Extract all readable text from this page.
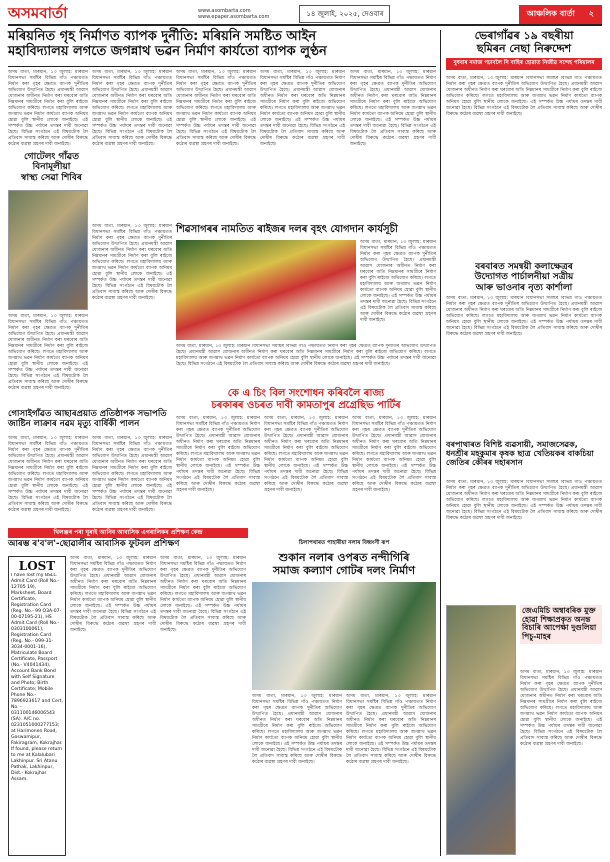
অসমবাৰ্তা	www.asombarta.com
www.epaper.asombarta.com	১৪ জুলাই, ২০২৫, দেওবাৰ	আঞ্চলিক বাৰ্তা ২
মৰিয়নিত গৃহ নিৰ্মাণত ব্যাপক দুৰ্নীতি: মৰিয়নি সমষ্টিত আইন
মহাবিদ্যালয় লগতে জগন্নাথ ভৱন নিৰ্মাণ কাৰ্যতো ব্যাপক লুণ্ঠন
অসম বাৰ্তা, মৰিয়নি, ১৩ জুলাই: মৰিয়নি বিধানসভা সমষ্টিৰ বিভিন্ন গাঁও পঞ্চায়তত নিৰ্মাণ কৰা গৃহৰ ক্ষেত্ৰত ব্যাপক দুৰ্নীতিৰ অভিযোগ উত্থাপিত হৈছে। প্ৰধানমন্ত্ৰী আৱাস যোজনাৰ অধীনত নিৰ্মাণ কৰা ঘৰবোৰ অতি নিম্নমানৰ সামগ্ৰীৰে নিৰ্মাণ কৰা বুলি ৰাইজে অভিযোগ কৰিছে। লগতে মহাবিদ্যালয় আৰু জগন্নাথ ভৱন নিৰ্মাণ কাৰ্যতো ব্যাপক অনিয়ম হোৱা বুলি স্থানীয় লোকে জনাইছে। এই সম্পৰ্কত উচ্চ পৰ্যায়ৰ তদন্তৰ দাবী জনোৱা হৈছে। বিভিন্ন সংগঠনে এই বিষয়টোক লৈ প্ৰতিবাদ সাব্যস্ত কৰিছে আৰু দোষীৰ বিৰুদ্ধে কঠোৰ ব্যৱস্থা গ্ৰহণৰ দাবী জনাইছে।
অসম বাৰ্তা, মৰিয়নি, ১৩ জুলাই: মৰিয়নি বিধানসভা সমষ্টিৰ বিভিন্ন গাঁও পঞ্চায়তত নিৰ্মাণ কৰা গৃহৰ ক্ষেত্ৰত ব্যাপক দুৰ্নীতিৰ অভিযোগ উত্থাপিত হৈছে। প্ৰধানমন্ত্ৰী আৱাস যোজনাৰ অধীনত নিৰ্মাণ কৰা ঘৰবোৰ অতি নিম্নমানৰ সামগ্ৰীৰে নিৰ্মাণ কৰা বুলি ৰাইজে অভিযোগ কৰিছে। লগতে মহাবিদ্যালয় আৰু জগন্নাথ ভৱন নিৰ্মাণ কাৰ্যতো ব্যাপক অনিয়ম হোৱা বুলি স্থানীয় লোকে জনাইছে। এই সম্পৰ্কত উচ্চ পৰ্যায়ৰ তদন্তৰ দাবী জনোৱা হৈছে। বিভিন্ন সংগঠনে এই বিষয়টোক লৈ প্ৰতিবাদ সাব্যস্ত কৰিছে আৰু দোষীৰ বিৰুদ্ধে কঠোৰ ব্যৱস্থা গ্ৰহণৰ দাবী জনাইছে।
অসম বাৰ্তা, মৰিয়নি, ১৩ জুলাই: মৰিয়নি বিধানসভা সমষ্টিৰ বিভিন্ন গাঁও পঞ্চায়তত নিৰ্মাণ কৰা গৃহৰ ক্ষেত্ৰত ব্যাপক দুৰ্নীতিৰ অভিযোগ উত্থাপিত হৈছে। প্ৰধানমন্ত্ৰী আৱাস যোজনাৰ অধীনত নিৰ্মাণ কৰা ঘৰবোৰ অতি নিম্নমানৰ সামগ্ৰীৰে নিৰ্মাণ কৰা বুলি ৰাইজে অভিযোগ কৰিছে। লগতে মহাবিদ্যালয় আৰু জগন্নাথ ভৱন নিৰ্মাণ কাৰ্যতো ব্যাপক অনিয়ম হোৱা বুলি স্থানীয় লোকে জনাইছে। এই সম্পৰ্কত উচ্চ পৰ্যায়ৰ তদন্তৰ দাবী জনোৱা হৈছে। বিভিন্ন সংগঠনে এই বিষয়টোক লৈ প্ৰতিবাদ সাব্যস্ত কৰিছে আৰু দোষীৰ বিৰুদ্ধে কঠোৰ ব্যৱস্থা গ্ৰহণৰ দাবী জনাইছে।
অসম বাৰ্তা, মৰিয়নি, ১৩ জুলাই: মৰিয়নি বিধানসভা সমষ্টিৰ বিভিন্ন গাঁও পঞ্চায়তত নিৰ্মাণ কৰা গৃহৰ ক্ষেত্ৰত ব্যাপক দুৰ্নীতিৰ অভিযোগ উত্থাপিত হৈছে। প্ৰধানমন্ত্ৰী আৱাস যোজনাৰ অধীনত নিৰ্মাণ কৰা ঘৰবোৰ অতি নিম্নমানৰ সামগ্ৰীৰে নিৰ্মাণ কৰা বুলি ৰাইজে অভিযোগ কৰিছে। লগতে মহাবিদ্যালয় আৰু জগন্নাথ ভৱন নিৰ্মাণ কাৰ্যতো ব্যাপক অনিয়ম হোৱা বুলি স্থানীয় লোকে জনাইছে। এই সম্পৰ্কত উচ্চ পৰ্যায়ৰ তদন্তৰ দাবী জনোৱা হৈছে। বিভিন্ন সংগঠনে এই বিষয়টোক লৈ প্ৰতিবাদ সাব্যস্ত কৰিছে আৰু দোষীৰ বিৰুদ্ধে কঠোৰ ব্যৱস্থা গ্ৰহণৰ দাবী জনাইছে।
অসম বাৰ্তা, মৰিয়নি, ১৩ জুলাই: মৰিয়নি বিধানসভা সমষ্টিৰ বিভিন্ন গাঁও পঞ্চায়তত নিৰ্মাণ কৰা গৃহৰ ক্ষেত্ৰত ব্যাপক দুৰ্নীতিৰ অভিযোগ উত্থাপিত হৈছে। প্ৰধানমন্ত্ৰী আৱাস যোজনাৰ অধীনত নিৰ্মাণ কৰা ঘৰবোৰ অতি নিম্নমানৰ সামগ্ৰীৰে নিৰ্মাণ কৰা বুলি ৰাইজে অভিযোগ কৰিছে। লগতে মহাবিদ্যালয় আৰু জগন্নাথ ভৱন নিৰ্মাণ কাৰ্যতো ব্যাপক অনিয়ম হোৱা বুলি স্থানীয় লোকে জনাইছে। এই সম্পৰ্কত উচ্চ পৰ্যায়ৰ তদন্তৰ দাবী জনোৱা হৈছে। বিভিন্ন সংগঠনে এই বিষয়টোক লৈ প্ৰতিবাদ সাব্যস্ত কৰিছে আৰু দোষীৰ বিৰুদ্ধে কঠোৰ ব্যৱস্থা গ্ৰহণৰ দাবী জনাইছে।
গোটেলং গাঁৱত বিনামূলীয়া
স্বাস্থ্য সেৱা শিবিৰ
অসম বাৰ্তা, মৰিয়নি, ১৩ জুলাই: মৰিয়নি বিধানসভা সমষ্টিৰ বিভিন্ন গাঁও পঞ্চায়তত নিৰ্মাণ কৰা গৃহৰ ক্ষেত্ৰত ব্যাপক দুৰ্নীতিৰ অভিযোগ উত্থাপিত হৈছে। প্ৰধানমন্ত্ৰী আৱাস যোজনাৰ অধীনত নিৰ্মাণ কৰা ঘৰবোৰ অতি নিম্নমানৰ সামগ্ৰীৰে নিৰ্মাণ কৰা বুলি ৰাইজে অভিযোগ কৰিছে। লগতে মহাবিদ্যালয় আৰু জগন্নাথ ভৱন নিৰ্মাণ কাৰ্যতো ব্যাপক অনিয়ম হোৱা বুলি স্থানীয় লোকে জনাইছে। এই সম্পৰ্কত উচ্চ পৰ্যায়ৰ তদন্তৰ দাবী জনোৱা হৈছে। বিভিন্ন সংগঠনে এই বিষয়টোক লৈ প্ৰতিবাদ সাব্যস্ত কৰিছে আৰু দোষীৰ বিৰুদ্ধে কঠোৰ ব্যৱস্থা গ্ৰহণৰ দাবী জনাইছে।
অসম বাৰ্তা, মৰিয়নি, ১৩ জুলাই: মৰিয়নি বিধানসভা সমষ্টিৰ বিভিন্ন গাঁও পঞ্চায়তত নিৰ্মাণ কৰা গৃহৰ ক্ষেত্ৰত ব্যাপক দুৰ্নীতিৰ অভিযোগ উত্থাপিত হৈছে। প্ৰধানমন্ত্ৰী আৱাস যোজনাৰ অধীনত নিৰ্মাণ কৰা ঘৰবোৰ অতি নিম্নমানৰ সামগ্ৰীৰে নিৰ্মাণ কৰা বুলি ৰাইজে অভিযোগ কৰিছে। লগতে মহাবিদ্যালয় আৰু জগন্নাথ ভৱন নিৰ্মাণ কাৰ্যতো ব্যাপক অনিয়ম হোৱা বুলি স্থানীয় লোকে জনাইছে। এই সম্পৰ্কত উচ্চ পৰ্যায়ৰ তদন্তৰ দাবী জনোৱা হৈছে। বিভিন্ন সংগঠনে এই বিষয়টোক লৈ প্ৰতিবাদ সাব্যস্ত কৰিছে আৰু দোষীৰ বিৰুদ্ধে কঠোৰ ব্যৱস্থা গ্ৰহণৰ দাবী জনাইছে।
শিৱসাগৰৰ নামতিত ৰাইজৰ দলৰ বৃহৎ যোগদান কাৰ্যসূচী
অসম বাৰ্তা, মৰিয়নি, ১৩ জুলাই: মৰিয়নি বিধানসভা সমষ্টিৰ বিভিন্ন গাঁও পঞ্চায়তত নিৰ্মাণ কৰা গৃহৰ ক্ষেত্ৰত ব্যাপক দুৰ্নীতিৰ অভিযোগ উত্থাপিত হৈছে। প্ৰধানমন্ত্ৰী আৱাস যোজনাৰ অধীনত নিৰ্মাণ কৰা ঘৰবোৰ অতি নিম্নমানৰ সামগ্ৰীৰে নিৰ্মাণ কৰা বুলি ৰাইজে অভিযোগ কৰিছে। লগতে মহাবিদ্যালয় আৰু জগন্নাথ ভৱন নিৰ্মাণ কাৰ্যতো ব্যাপক অনিয়ম হোৱা বুলি স্থানীয় লোকে জনাইছে। এই সম্পৰ্কত উচ্চ পৰ্যায়ৰ তদন্তৰ দাবী জনোৱা হৈছে। বিভিন্ন সংগঠনে এই বিষয়টোক লৈ প্ৰতিবাদ সাব্যস্ত কৰিছে আৰু দোষীৰ বিৰুদ্ধে কঠোৰ ব্যৱস্থা গ্ৰহণৰ দাবী জনাইছে।
অসম বাৰ্তা, মৰিয়নি, ১৩ জুলাই: মৰিয়নি বিধানসভা সমষ্টিৰ বিভিন্ন গাঁও পঞ্চায়তত নিৰ্মাণ কৰা গৃহৰ ক্ষেত্ৰত ব্যাপক দুৰ্নীতিৰ অভিযোগ উত্থাপিত হৈছে। প্ৰধানমন্ত্ৰী আৱাস যোজনাৰ অধীনত নিৰ্মাণ কৰা ঘৰবোৰ অতি নিম্নমানৰ সামগ্ৰীৰে নিৰ্মাণ কৰা বুলি ৰাইজে অভিযোগ কৰিছে। লগতে মহাবিদ্যালয় আৰু জগন্নাথ ভৱন নিৰ্মাণ কাৰ্যতো ব্যাপক অনিয়ম হোৱা বুলি স্থানীয় লোকে জনাইছে। এই সম্পৰ্কত উচ্চ পৰ্যায়ৰ তদন্তৰ দাবী জনোৱা হৈছে। বিভিন্ন সংগঠনে এই বিষয়টোক লৈ প্ৰতিবাদ সাব্যস্ত কৰিছে আৰু দোষীৰ বিৰুদ্ধে কঠোৰ ব্যৱস্থা গ্ৰহণৰ দাবী জনাইছে।
কে এ চিং বিল সংশোধন কৰিবলৈ ৰাজ্য
চৰকাৰৰ ওচৰত দাবী কামতাপুৰ প্ৰগ্ৰেছিভ পাৰ্টিৰ
অসম বাৰ্তা, মৰিয়নি, ১৩ জুলাই: মৰিয়নি বিধানসভা সমষ্টিৰ বিভিন্ন গাঁও পঞ্চায়তত নিৰ্মাণ কৰা গৃহৰ ক্ষেত্ৰত ব্যাপক দুৰ্নীতিৰ অভিযোগ উত্থাপিত হৈছে। প্ৰধানমন্ত্ৰী আৱাস যোজনাৰ অধীনত নিৰ্মাণ কৰা ঘৰবোৰ অতি নিম্নমানৰ সামগ্ৰীৰে নিৰ্মাণ কৰা বুলি ৰাইজে অভিযোগ কৰিছে। লগতে মহাবিদ্যালয় আৰু জগন্নাথ ভৱন নিৰ্মাণ কাৰ্যতো ব্যাপক অনিয়ম হোৱা বুলি স্থানীয় লোকে জনাইছে। এই সম্পৰ্কত উচ্চ পৰ্যায়ৰ তদন্তৰ দাবী জনোৱা হৈছে। বিভিন্ন সংগঠনে এই বিষয়টোক লৈ প্ৰতিবাদ সাব্যস্ত কৰিছে আৰু দোষীৰ বিৰুদ্ধে কঠোৰ ব্যৱস্থা গ্ৰহণৰ দাবী জনাইছে।
অসম বাৰ্তা, মৰিয়নি, ১৩ জুলাই: মৰিয়নি বিধানসভা সমষ্টিৰ বিভিন্ন গাঁও পঞ্চায়তত নিৰ্মাণ কৰা গৃহৰ ক্ষেত্ৰত ব্যাপক দুৰ্নীতিৰ অভিযোগ উত্থাপিত হৈছে। প্ৰধানমন্ত্ৰী আৱাস যোজনাৰ অধীনত নিৰ্মাণ কৰা ঘৰবোৰ অতি নিম্নমানৰ সামগ্ৰীৰে নিৰ্মাণ কৰা বুলি ৰাইজে অভিযোগ কৰিছে। লগতে মহাবিদ্যালয় আৰু জগন্নাথ ভৱন নিৰ্মাণ কাৰ্যতো ব্যাপক অনিয়ম হোৱা বুলি স্থানীয় লোকে জনাইছে। এই সম্পৰ্কত উচ্চ পৰ্যায়ৰ তদন্তৰ দাবী জনোৱা হৈছে। বিভিন্ন সংগঠনে এই বিষয়টোক লৈ প্ৰতিবাদ সাব্যস্ত কৰিছে আৰু দোষীৰ বিৰুদ্ধে কঠোৰ ব্যৱস্থা গ্ৰহণৰ দাবী জনাইছে।
অসম বাৰ্তা, মৰিয়নি, ১৩ জুলাই: মৰিয়নি বিধানসভা সমষ্টিৰ বিভিন্ন গাঁও পঞ্চায়তত নিৰ্মাণ কৰা গৃহৰ ক্ষেত্ৰত ব্যাপক দুৰ্নীতিৰ অভিযোগ উত্থাপিত হৈছে। প্ৰধানমন্ত্ৰী আৱাস যোজনাৰ অধীনত নিৰ্মাণ কৰা ঘৰবোৰ অতি নিম্নমানৰ সামগ্ৰীৰে নিৰ্মাণ কৰা বুলি ৰাইজে অভিযোগ কৰিছে। লগতে মহাবিদ্যালয় আৰু জগন্নাথ ভৱন নিৰ্মাণ কাৰ্যতো ব্যাপক অনিয়ম হোৱা বুলি স্থানীয় লোকে জনাইছে। এই সম্পৰ্কত উচ্চ পৰ্যায়ৰ তদন্তৰ দাবী জনোৱা হৈছে। বিভিন্ন সংগঠনে এই বিষয়টোক লৈ প্ৰতিবাদ সাব্যস্ত কৰিছে আৰু দোষীৰ বিৰুদ্ধে কঠোৰ ব্যৱস্থা গ্ৰহণৰ দাবী জনাইছে।
গোসাইগাঁৱত আছাৰপ্ৰয়াত প্ৰতিষ্ঠাপক সভাপতি
জাষ্টিন লাক্ৰাৰ নৱম মৃত্যু বাৰ্ষিকী পালন
অসম বাৰ্তা, মৰিয়নি, ১৩ জুলাই: মৰিয়নি বিধানসভা সমষ্টিৰ বিভিন্ন গাঁও পঞ্চায়তত নিৰ্মাণ কৰা গৃহৰ ক্ষেত্ৰত ব্যাপক দুৰ্নীতিৰ অভিযোগ উত্থাপিত হৈছে। প্ৰধানমন্ত্ৰী আৱাস যোজনাৰ অধীনত নিৰ্মাণ কৰা ঘৰবোৰ অতি নিম্নমানৰ সামগ্ৰীৰে নিৰ্মাণ কৰা বুলি ৰাইজে অভিযোগ কৰিছে। লগতে মহাবিদ্যালয় আৰু জগন্নাথ ভৱন নিৰ্মাণ কাৰ্যতো ব্যাপক অনিয়ম হোৱা বুলি স্থানীয় লোকে জনাইছে। এই সম্পৰ্কত উচ্চ পৰ্যায়ৰ তদন্তৰ দাবী জনোৱা হৈছে। বিভিন্ন সংগঠনে এই বিষয়টোক লৈ প্ৰতিবাদ সাব্যস্ত কৰিছে আৰু দোষীৰ বিৰুদ্ধে কঠোৰ ব্যৱস্থা গ্ৰহণৰ দাবী জনাইছে।
অসম বাৰ্তা, মৰিয়নি, ১৩ জুলাই: মৰিয়নি বিধানসভা সমষ্টিৰ বিভিন্ন গাঁও পঞ্চায়তত নিৰ্মাণ কৰা গৃহৰ ক্ষেত্ৰত ব্যাপক দুৰ্নীতিৰ অভিযোগ উত্থাপিত হৈছে। প্ৰধানমন্ত্ৰী আৱাস যোজনাৰ অধীনত নিৰ্মাণ কৰা ঘৰবোৰ অতি নিম্নমানৰ সামগ্ৰীৰে নিৰ্মাণ কৰা বুলি ৰাইজে অভিযোগ কৰিছে। লগতে মহাবিদ্যালয় আৰু জগন্নাথ ভৱন নিৰ্মাণ কাৰ্যতো ব্যাপক অনিয়ম হোৱা বুলি স্থানীয় লোকে জনাইছে। এই সম্পৰ্কত উচ্চ পৰ্যায়ৰ তদন্তৰ দাবী জনোৱা হৈছে। বিভিন্ন সংগঠনে এই বিষয়টোক লৈ প্ৰতিবাদ সাব্যস্ত কৰিছে আৰু দোষীৰ বিৰুদ্ধে কঠোৰ ব্যৱস্থা গ্ৰহণৰ দাবী জনাইছে।
খিলঞ্জৰ পৰা ঘূৰাই আনিব আবাসিক এগৰালিকৰ প্ৰশিক্ষণ কেন্দ্ৰ
আৰম্ভ ৰ'ব'ল'-ছোৱালীৰ আবাসিক ফুটবল প্ৰশিক্ষণ
LOST
I have lost my BSLC Admit Card (Roll No.- 12705 19), Marksheet, Board Certificate, Registration Card (Reg. No.- 99 O3A-07-00-07195-21), HS Admit Card (Roll No.- 0303100061), Registration Card (Reg. No.- 099-31-3034-0001-16), Matriculate Board Certificate, Passport (No.- V4041434), Account Bank Bond with Self Signature and Photo; Birth Certificate; Mobile Phone No.- 7896923617 and Cert. No. - 031100146006543 (SA). A/C no. 0231051000277153; at Harimonen Road, Goswamipur, Fakiragram, Kokrajhar. If found, please return to me at Kalalubari Lakhinpur. Sri Atanu Pathak, Lakhinpur, Dist.- Kokrajhar Assam.
অসম বাৰ্তা, মৰিয়নি, ১৩ জুলাই: মৰিয়নি বিধানসভা সমষ্টিৰ বিভিন্ন গাঁও পঞ্চায়তত নিৰ্মাণ কৰা গৃহৰ ক্ষেত্ৰত ব্যাপক দুৰ্নীতিৰ অভিযোগ উত্থাপিত হৈছে। প্ৰধানমন্ত্ৰী আৱাস যোজনাৰ অধীনত নিৰ্মাণ কৰা ঘৰবোৰ অতি নিম্নমানৰ সামগ্ৰীৰে নিৰ্মাণ কৰা বুলি ৰাইজে অভিযোগ কৰিছে। লগতে মহাবিদ্যালয় আৰু জগন্নাথ ভৱন নিৰ্মাণ কাৰ্যতো ব্যাপক অনিয়ম হোৱা বুলি স্থানীয় লোকে জনাইছে। এই সম্পৰ্কত উচ্চ পৰ্যায়ৰ তদন্তৰ দাবী জনোৱা হৈছে। বিভিন্ন সংগঠনে এই বিষয়টোক লৈ প্ৰতিবাদ সাব্যস্ত কৰিছে আৰু দোষীৰ বিৰুদ্ধে কঠোৰ ব্যৱস্থা গ্ৰহণৰ দাবী জনাইছে।
অসম বাৰ্তা, মৰিয়নি, ১৩ জুলাই: মৰিয়নি বিধানসভা সমষ্টিৰ বিভিন্ন গাঁও পঞ্চায়তত নিৰ্মাণ কৰা গৃহৰ ক্ষেত্ৰত ব্যাপক দুৰ্নীতিৰ অভিযোগ উত্থাপিত হৈছে। প্ৰধানমন্ত্ৰী আৱাস যোজনাৰ অধীনত নিৰ্মাণ কৰা ঘৰবোৰ অতি নিম্নমানৰ সামগ্ৰীৰে নিৰ্মাণ কৰা বুলি ৰাইজে অভিযোগ কৰিছে। লগতে মহাবিদ্যালয় আৰু জগন্নাথ ভৱন নিৰ্মাণ কাৰ্যতো ব্যাপক অনিয়ম হোৱা বুলি স্থানীয় লোকে জনাইছে। এই সম্পৰ্কত উচ্চ পৰ্যায়ৰ তদন্তৰ দাবী জনোৱা হৈছে। বিভিন্ন সংগঠনে এই বিষয়টোক লৈ প্ৰতিবাদ সাব্যস্ত কৰিছে আৰু দোষীৰ বিৰুদ্ধে কঠোৰ ব্যৱস্থা গ্ৰহণৰ দাবী জনাইছে।
চিলাপথাৰত পাহাৰীয়া নলাৰ বিধ্বংসী ৰূপ
শুকান নলাৰ ওপৰত নন্দীগিৰি
সমাজ কল্যাণ গোটৰ দলং নিৰ্মাণ
অসম বাৰ্তা, মৰিয়নি, ১৩ জুলাই: মৰিয়নি বিধানসভা সমষ্টিৰ বিভিন্ন গাঁও পঞ্চায়তত নিৰ্মাণ কৰা গৃহৰ ক্ষেত্ৰত ব্যাপক দুৰ্নীতিৰ অভিযোগ উত্থাপিত হৈছে। প্ৰধানমন্ত্ৰী আৱাস যোজনাৰ অধীনত নিৰ্মাণ কৰা ঘৰবোৰ অতি নিম্নমানৰ সামগ্ৰীৰে নিৰ্মাণ কৰা বুলি ৰাইজে অভিযোগ কৰিছে। লগতে মহাবিদ্যালয় আৰু জগন্নাথ ভৱন নিৰ্মাণ কাৰ্যতো ব্যাপক অনিয়ম হোৱা বুলি স্থানীয় লোকে জনাইছে। এই সম্পৰ্কত উচ্চ পৰ্যায়ৰ তদন্তৰ দাবী জনোৱা হৈছে। বিভিন্ন সংগঠনে এই বিষয়টোক লৈ প্ৰতিবাদ সাব্যস্ত কৰিছে আৰু দোষীৰ বিৰুদ্ধে কঠোৰ ব্যৱস্থা গ্ৰহণৰ দাবী জনাইছে।
অসম বাৰ্তা, মৰিয়নি, ১৩ জুলাই: মৰিয়নি বিধানসভা সমষ্টিৰ বিভিন্ন গাঁও পঞ্চায়তত নিৰ্মাণ কৰা গৃহৰ ক্ষেত্ৰত ব্যাপক দুৰ্নীতিৰ অভিযোগ উত্থাপিত হৈছে। প্ৰধানমন্ত্ৰী আৱাস যোজনাৰ অধীনত নিৰ্মাণ কৰা ঘৰবোৰ অতি নিম্নমানৰ সামগ্ৰীৰে নিৰ্মাণ কৰা বুলি ৰাইজে অভিযোগ কৰিছে। লগতে মহাবিদ্যালয় আৰু জগন্নাথ ভৱন নিৰ্মাণ কাৰ্যতো ব্যাপক অনিয়ম হোৱা বুলি স্থানীয় লোকে জনাইছে। এই সম্পৰ্কত উচ্চ পৰ্যায়ৰ তদন্তৰ দাবী জনোৱা হৈছে। বিভিন্ন সংগঠনে এই বিষয়টোক লৈ প্ৰতিবাদ সাব্যস্ত কৰিছে আৰু দোষীৰ বিৰুদ্ধে কঠোৰ ব্যৱস্থা গ্ৰহণৰ দাবী জনাইছে।
ভেৰাগাঁৱৰ ১৯ বছৰীয়া
ছমিৰন নেছা নিৰুদ্দেশ
বুধবাৰ নমাজ পঢ়াবলৈ নি বাহিৰ হোৱাত নিৰ্জীৱ সন্দেহ পৰিয়ালৰ
অসম বাৰ্তা, মৰিয়নি, ১৩ জুলাই: মৰিয়নি বিধানসভা সমষ্টিৰ বিভিন্ন গাঁও পঞ্চায়তত নিৰ্মাণ কৰা গৃহৰ ক্ষেত্ৰত ব্যাপক দুৰ্নীতিৰ অভিযোগ উত্থাপিত হৈছে। প্ৰধানমন্ত্ৰী আৱাস যোজনাৰ অধীনত নিৰ্মাণ কৰা ঘৰবোৰ অতি নিম্নমানৰ সামগ্ৰীৰে নিৰ্মাণ কৰা বুলি ৰাইজে অভিযোগ কৰিছে। লগতে মহাবিদ্যালয় আৰু জগন্নাথ ভৱন নিৰ্মাণ কাৰ্যতো ব্যাপক অনিয়ম হোৱা বুলি স্থানীয় লোকে জনাইছে। এই সম্পৰ্কত উচ্চ পৰ্যায়ৰ তদন্তৰ দাবী জনোৱা হৈছে। বিভিন্ন সংগঠনে এই বিষয়টোক লৈ প্ৰতিবাদ সাব্যস্ত কৰিছে আৰু দোষীৰ বিৰুদ্ধে কঠোৰ ব্যৱস্থা গ্ৰহণৰ দাবী জনাইছে।
বৰবাৰত সমন্বয়ী কলাক্ষেত্ৰৰ
উদ্যোগত পাৰ্চালনীয়া সত্ৰীয়
আৰু ভাওনাৰ নৃত্য কাৰ্শালা
অসম বাৰ্তা, মৰিয়নি, ১৩ জুলাই: মৰিয়নি বিধানসভা সমষ্টিৰ বিভিন্ন গাঁও পঞ্চায়তত নিৰ্মাণ কৰা গৃহৰ ক্ষেত্ৰত ব্যাপক দুৰ্নীতিৰ অভিযোগ উত্থাপিত হৈছে। প্ৰধানমন্ত্ৰী আৱাস যোজনাৰ অধীনত নিৰ্মাণ কৰা ঘৰবোৰ অতি নিম্নমানৰ সামগ্ৰীৰে নিৰ্মাণ কৰা বুলি ৰাইজে অভিযোগ কৰিছে। লগতে মহাবিদ্যালয় আৰু জগন্নাথ ভৱন নিৰ্মাণ কাৰ্যতো ব্যাপক অনিয়ম হোৱা বুলি স্থানীয় লোকে জনাইছে। এই সম্পৰ্কত উচ্চ পৰ্যায়ৰ তদন্তৰ দাবী জনোৱা হৈছে। বিভিন্ন সংগঠনে এই বিষয়টোক লৈ প্ৰতিবাদ সাব্যস্ত কৰিছে আৰু দোষীৰ বিৰুদ্ধে কঠোৰ ব্যৱস্থা গ্ৰহণৰ দাবী জনাইছে।
বৰপাথাৰত বিশিষ্ট ব্যৱসায়ী, সমাজসেৱক, ধনশ্ৰীৰ মহকুমাৰ কৃষক ছাত্ৰ খেতিয়কৰ বাকচিয়া জেতিৰ কৌৰৰ দহাৰসান
অসম বাৰ্তা, মৰিয়নি, ১৩ জুলাই: মৰিয়নি বিধানসভা সমষ্টিৰ বিভিন্ন গাঁও পঞ্চায়তত নিৰ্মাণ কৰা গৃহৰ ক্ষেত্ৰত ব্যাপক দুৰ্নীতিৰ অভিযোগ উত্থাপিত হৈছে। প্ৰধানমন্ত্ৰী আৱাস যোজনাৰ অধীনত নিৰ্মাণ কৰা ঘৰবোৰ অতি নিম্নমানৰ সামগ্ৰীৰে নিৰ্মাণ কৰা বুলি ৰাইজে অভিযোগ কৰিছে। লগতে মহাবিদ্যালয় আৰু জগন্নাথ ভৱন নিৰ্মাণ কাৰ্যতো ব্যাপক অনিয়ম হোৱা বুলি স্থানীয় লোকে জনাইছে। এই সম্পৰ্কত উচ্চ পৰ্যায়ৰ তদন্তৰ দাবী জনোৱা হৈছে। বিভিন্ন সংগঠনে এই বিষয়টোক লৈ প্ৰতিবাদ সাব্যস্ত কৰিছে আৰু দোষীৰ বিৰুদ্ধে কঠোৰ ব্যৱস্থা গ্ৰহণৰ দাবী জনাইছে।
জেএমিচি অম্বাবৰিক মুক্ত হোৱা শিক্ষাপ্ৰকৃত অনন্ত বিচাৰি আপেক্ষা দুগুলিয়া পিচু-মাহৰ
অসম বাৰ্তা, মৰিয়নি, ১৩ জুলাই: মৰিয়নি বিধানসভা সমষ্টিৰ বিভিন্ন গাঁও পঞ্চায়তত নিৰ্মাণ কৰা গৃহৰ ক্ষেত্ৰত ব্যাপক দুৰ্নীতিৰ অভিযোগ উত্থাপিত হৈছে। প্ৰধানমন্ত্ৰী আৱাস যোজনাৰ অধীনত নিৰ্মাণ কৰা ঘৰবোৰ অতি নিম্নমানৰ সামগ্ৰীৰে নিৰ্মাণ কৰা বুলি ৰাইজে অভিযোগ কৰিছে। লগতে মহাবিদ্যালয় আৰু জগন্নাথ ভৱন নিৰ্মাণ কাৰ্যতো ব্যাপক অনিয়ম হোৱা বুলি স্থানীয় লোকে জনাইছে। এই সম্পৰ্কত উচ্চ পৰ্যায়ৰ তদন্তৰ দাবী জনোৱা হৈছে। বিভিন্ন সংগঠনে এই বিষয়টোক লৈ প্ৰতিবাদ সাব্যস্ত কৰিছে আৰু দোষীৰ বিৰুদ্ধে কঠোৰ ব্যৱস্থা গ্ৰহণৰ দাবী জনাইছে।
